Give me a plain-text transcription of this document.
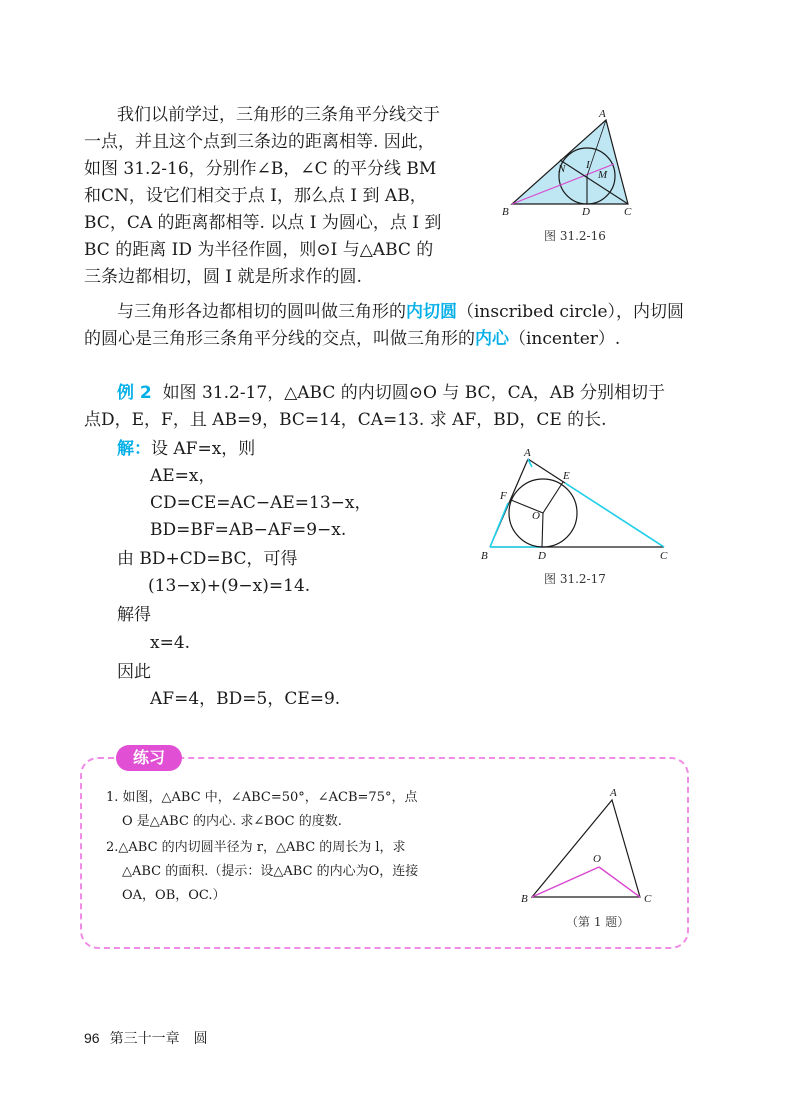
我们以前学过，三角形的三条角平分线交于
一点，并且这个点到三条边的距离相等. 因此，
如图 31.2-16，分别作∠B，∠C 的平分线 BM
和CN，设它们相交于点 I，那么点 I 到 AB，
BC，CA 的距离都相等. 以点 I 为圆心，点 I 到
BC 的距离 ID 为半径作圆，则⊙I 与△ABC 的
三条边都相切，圆 I 就是所求作的圆.
A
B	C
D
I
N	M
图 31.2-16
与三角形各边都相切的圆叫做三角形的内切圆（inscribed circle），内切圆
的圆心是三角形三条角平分线的交点，叫做三角形的内心（incenter）.
例 2 如图 31.2-17，△ABC 的内切圆⊙O 与 BC，CA，AB 分别相切于
点D，E，F，且 AB=9，BC=14，CA=13. 求 AF，BD，CE 的长.
解：设 AF=x，则
AE=x，
CD=CE=AC−AE=13−x，
BD=BF=AB−AF=9−x.
由 BD+CD=BC，可得
(13−x)+(9−x)=14.
解得
x=4.
因此
AF=4，BD=5，CE=9.
A
B	C
D
E
F
O
图 31.2-17
练习
1. 如图，△ABC 中，∠ABC=50°，∠ACB=75°，点
O 是△ABC 的内心. 求∠BOC 的度数.
2.△ABC 的内切圆半径为 r，△ABC 的周长为 l，求
△ABC 的面积.（提示：设△ABC 的内心为O，连接
OA，OB，OC.）
A
B	C
O
（第 1 题）
96 第三十一章　圆
